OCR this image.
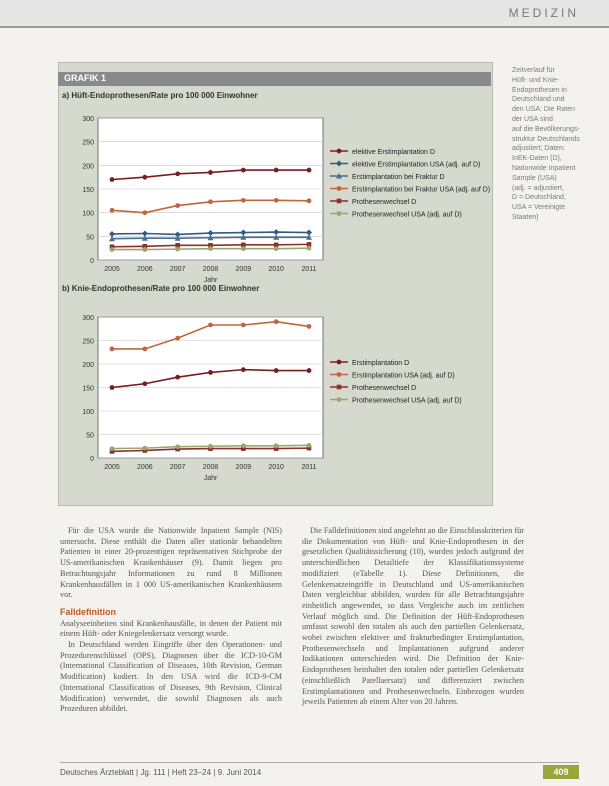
MEDIZIN
GRAFIK 1
a) Hüft-Endoprothesen/Rate pro 100 000 Einwohner
0
50
100
150
200
250
300
2005 2006 2007 2008 2009 2010	2011
Jahr
elektive Erstimplantation D
elektive Erstimplantation USA (adj. auf D)
Erstimplantation bei Fraktur D
Erstimplantation bei Fraktur USA (adj. auf D)
Prothesenwechsel D
Prothesenwechsel USA (adj. auf D)
b) Knie-Endoprothesen/Rate pro 100 000 Einwohner
0
50
100
150
200
250
300
2005 2006 2007 2008 2009 2010	2011
Jahr
Erstimplantation D
Erstimplantation USA (adj. auf D)
Prothesenwechsel D
Prothesenwechsel USA (adj. auf D)

Zeitverlauf für

Hüft- und Knie-

Endoprothesen in

Deutschland und

den USA: Die Raten

der USA sind

auf die Bevölkerungs-

struktur Deutschlands

adjustiert; Daten:

InEK-Daten (D),

Nationwide Inpatient

Sample (USA)

(adj. = adjustiert,

D = Deutschland,

USA = Vereinigte

Staaten)

Für die USA wurde die Nationwide Inpatient Sample (NIS) untersucht. Diese enthält die Daten aller stationär behandelten Patienten in einer 20-prozentigen repräsentativen Stichprobe der US-amerikanischen Krankenhäuser (9). Damit liegen pro Betrachtungsjahr Informationen zu rund 8 Millionen Krankenhausfällen in 1 000 US-amerikanischen Krankenhäusern vor.

Falldefinition

Analyseeinheiten sind Krankenhausfälle, in denen der Patient mit einem Hüft- oder Kniegelenkersatz versorgt wurde.

In Deutschland werden Eingriffe über den Operationen- und Prozedurenschlüssel (OPS), Diagnosen über die ICD-10-GM (International Classification of Diseases, 10th Revision, German Modification) kodiert. In den USA wird die ICD-9-CM (International Classification of Diseases, 9th Revision, Clinical Modification) verwendet, die sowohl Diagnosen als auch Prozeduren abbildet.

Die Falldefinitionen sind angelehnt an die Einschlusskriterien für die Dokumentation von Hüft- und Knie-Endoprothesen in der gesetzlichen Qualitätssicherung (10), wurden jedoch aufgrund der unterschiedlichen Detailtiefe der Klassifikationssysteme modifiziert (eTabelle 1). Diese Definitionen, die Gelenkersatzeingriffe in Deutschland und US-amerikanischen Daten vergleichbar abbilden, wurden für alle Betrachtungsjahre einheitlich angewendet, so dass Vergleiche auch im zeitlichen Verlauf möglich sind. Die Definition der Hüft-Endoprothesen umfasst sowohl den totalen als auch den partiellen Gelenkersatz, wobei zwischen elektiver und frakturbedingter Erstimplantation, Prothesenwechseln und Implantationen aufgrund anderer Indikationen unterschieden wird. Die Definition der Knie-Endoprothesen beinhaltet den totalen oder partiellen Gelenkersatz (einschließlich Patellaersatz) und differenziert zwischen Erstimplantationen und Prothesenwechseln. Einbezogen wurden jeweils Patienten ab einem Alter von 20 Jahren.

Deutsches Ärzteblatt | Jg. 111 | Heft 23–24 | 9. Juni 2014	409
